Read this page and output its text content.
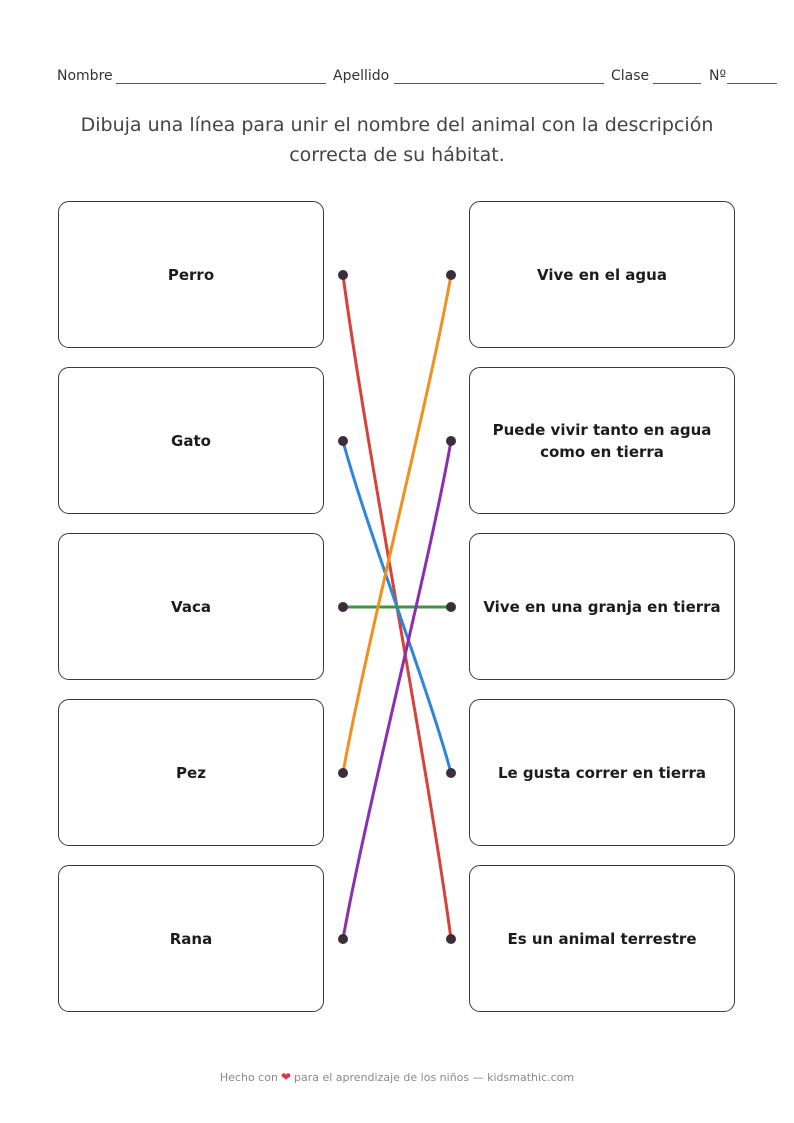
Nombre	Apellido	Clase	Nº
Dibuja una línea para unir el nombre del animal con la descripción correcta de su hábitat.
Perro
Gato
Vaca
Pez
Rana
Vive en el agua
Puede vivir tanto en agua como en tierra
Vive en una granja en tierra
Le gusta correr en tierra
Es un animal terrestre
Hecho con ❤ para el aprendizaje de los niños — kidsmathic.com
